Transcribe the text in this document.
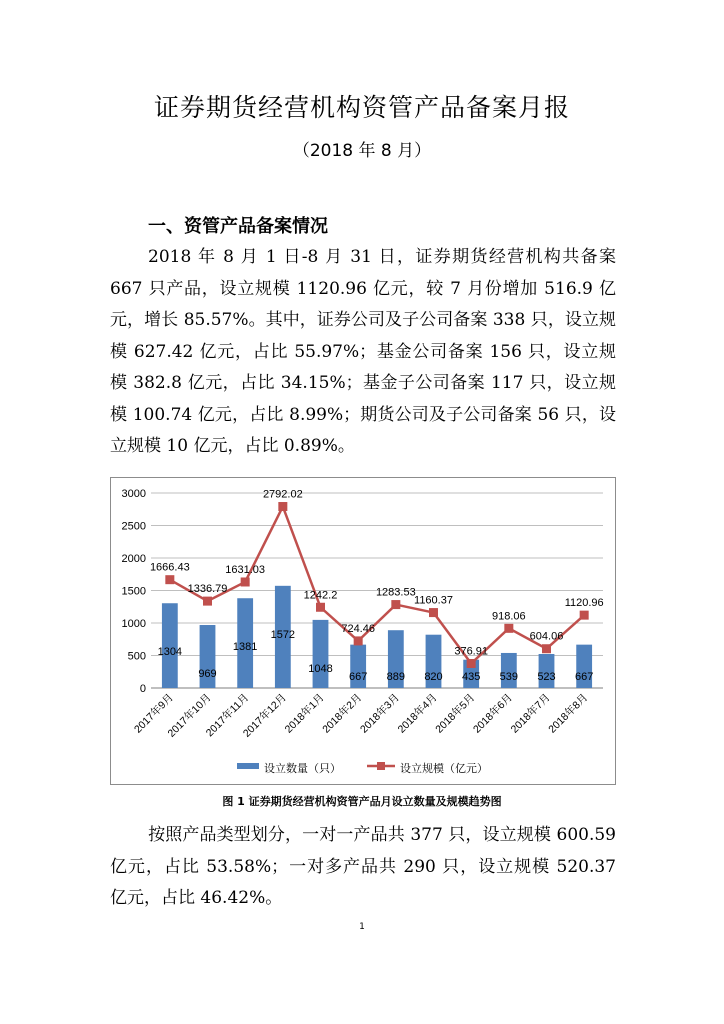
证券期货经营机构资管产品备案月报
（2018 年 8 月）
一、资管产品备案情况
2018 年 8 月 1 日-8 月 31 日，证券期货经营机构共备案 667 只产品，设立规模 1120.96 亿元，较 7 月份增加 516.9 亿元，增长 85.57%。其中，证券公司及子公司备案 338 只，设立规模 627.42 亿元，占比 55.97%；基金公司备案 156 只，设立规模 382.8 亿元，占比 34.15%；基金子公司备案 117 只，设立规模 100.74 亿元，占比 8.99%；期货公司及子公司备案 56 只，设立规模 10 亿元，占比 0.89%。
0
500
1000
1500
2000
2500
3000
1304
969
1381
1572
1048
667 889 820 435 539 523 667
1666.43
1336.79
1631.03
2792.02
1242.2
724.46
1283.53
1160.37
376.91
918.06
604.06
1120.96
2017年9月
2017年10月
2017年11月
2017年12月
2018年1月
2018年2月
2018年3月
2018年4月
2018年5月
2018年6月
2018年7月
2018年8月
设立数量（只）	设立规模（亿元）
图 1 证券期货经营机构资管产品月设立数量及规模趋势图
按照产品类型划分，一对一产品共 377 只，设立规模 600.59 亿元，占比 53.58%；一对多产品共 290 只，设立规模 520.37 亿元，占比 46.42%。
1
